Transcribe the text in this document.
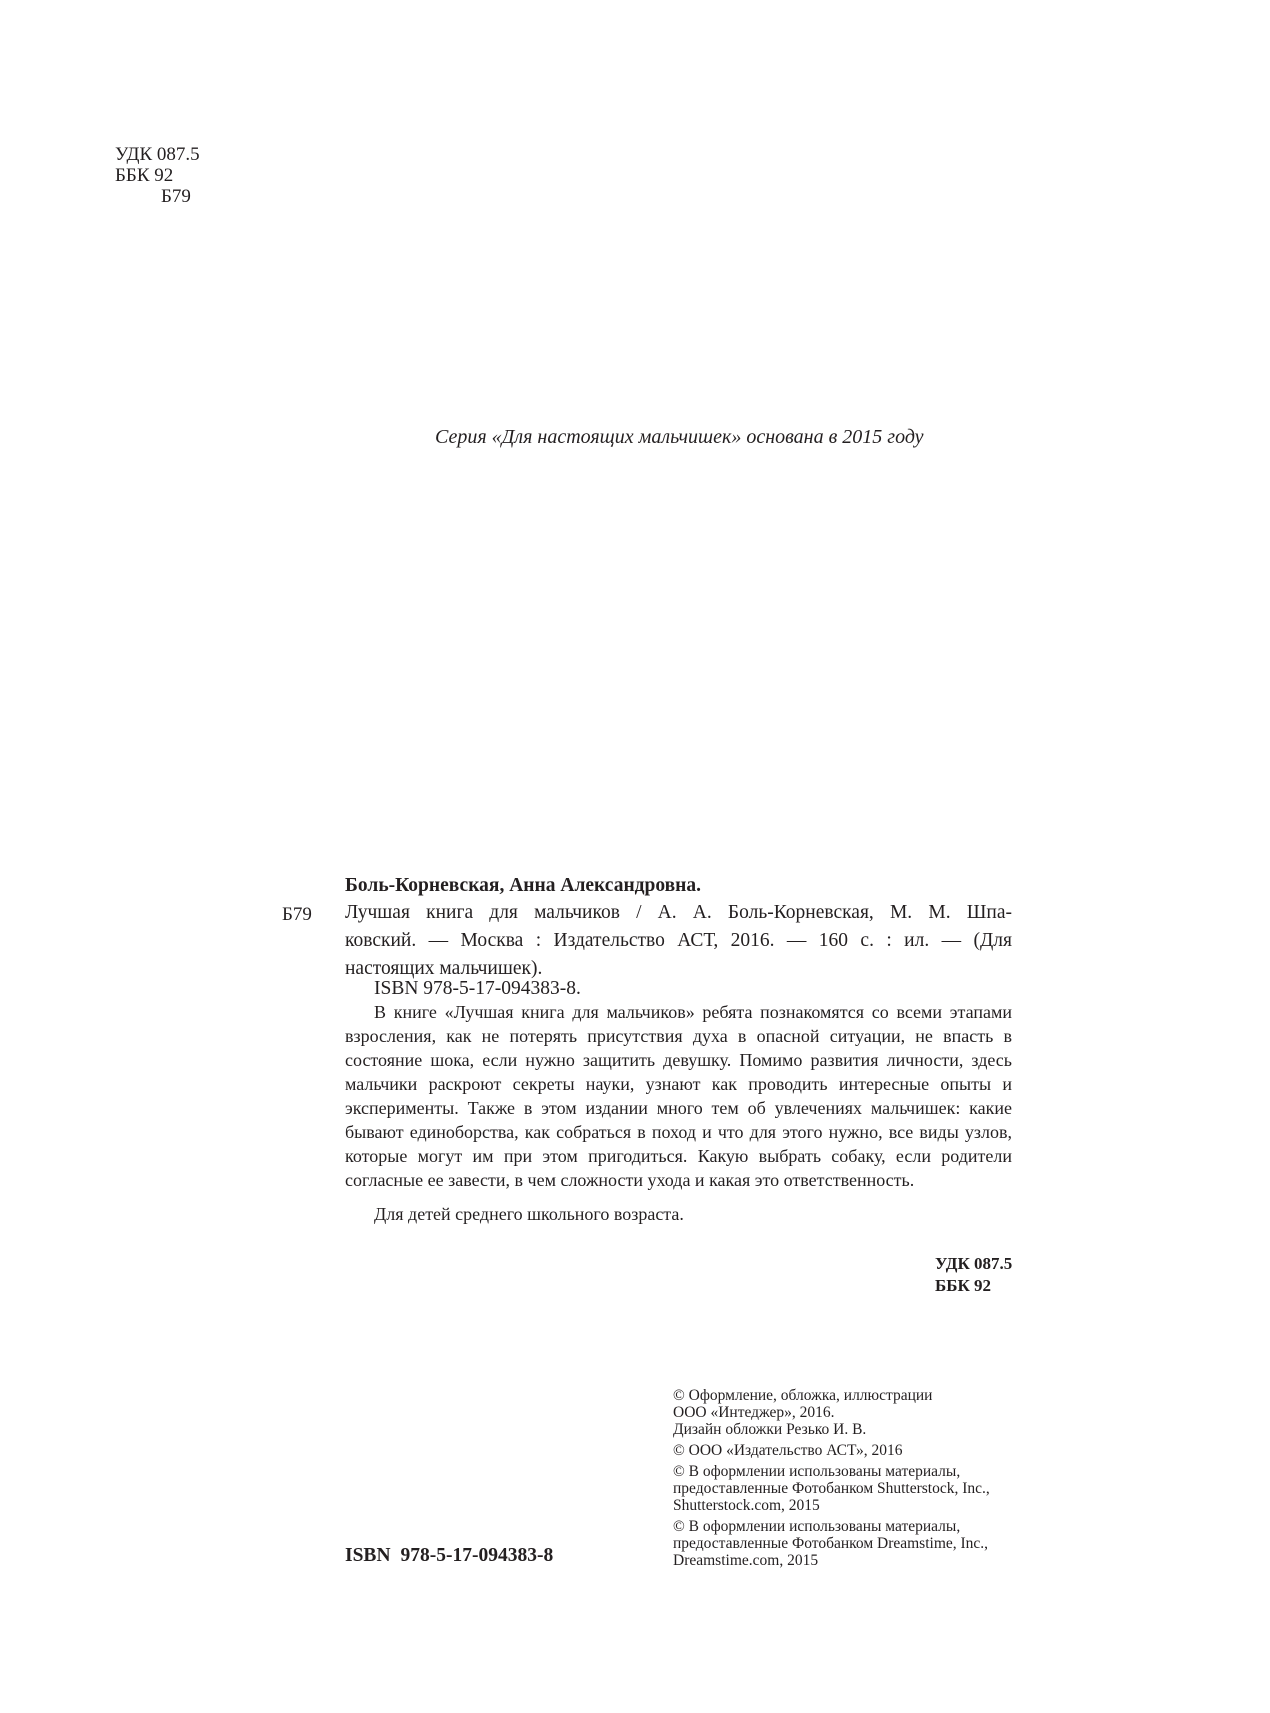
УДК 087.5
ББК 92
Б79
Серия «Для настоящих мальчишек» основана в 2015 году
Боль-Корневская, Анна Александровна.
Б79 Лучшая книга для мальчиков / А. А. Боль-Корневская, М. М. Шпа-
ковский. — Москва : Издательство АСТ, 2016. — 160 с. : ил. — (Для
настоящих мальчишек).
ISBN 978-5-17-094383-8.
В книге «Лучшая книга для мальчиков» ребята познакомятся со всеми этапами
взросления, как не потерять присутствия духа в опасной ситуации, не впасть в
состояние шока, если нужно защитить девушку. Помимо развития личности, здесь
мальчики раскроют секреты науки, узнают как проводить интересные опыты и
эксперименты. Также в этом издании много тем об увлечениях мальчишек: какие
бывают единоборства, как собраться в поход и что для этого нужно, все виды узлов,
которые могут им при этом пригодиться. Какую выбрать собаку, если родители
согласные ее завести, в чем сложности ухода и какая это ответственность.
Для детей среднего школьного возраста.
УДК 087.5
ББК 92
© Оформление, обложка, иллюстрации
ООО «Интеджер», 2016.
Дизайн обложки Резько И. В.
© ООО «Издательство АСТ», 2016
© В оформлении использованы материалы,
предоставленные Фотобанком Shutterstock, Inc.,
Shutterstock.com, 2015
© В оформлении использованы материалы,
предоставленные Фотобанком Dreamstime, Inc.,
Dreamstime.com, 2015
ISBN 978-5-17-094383-8
